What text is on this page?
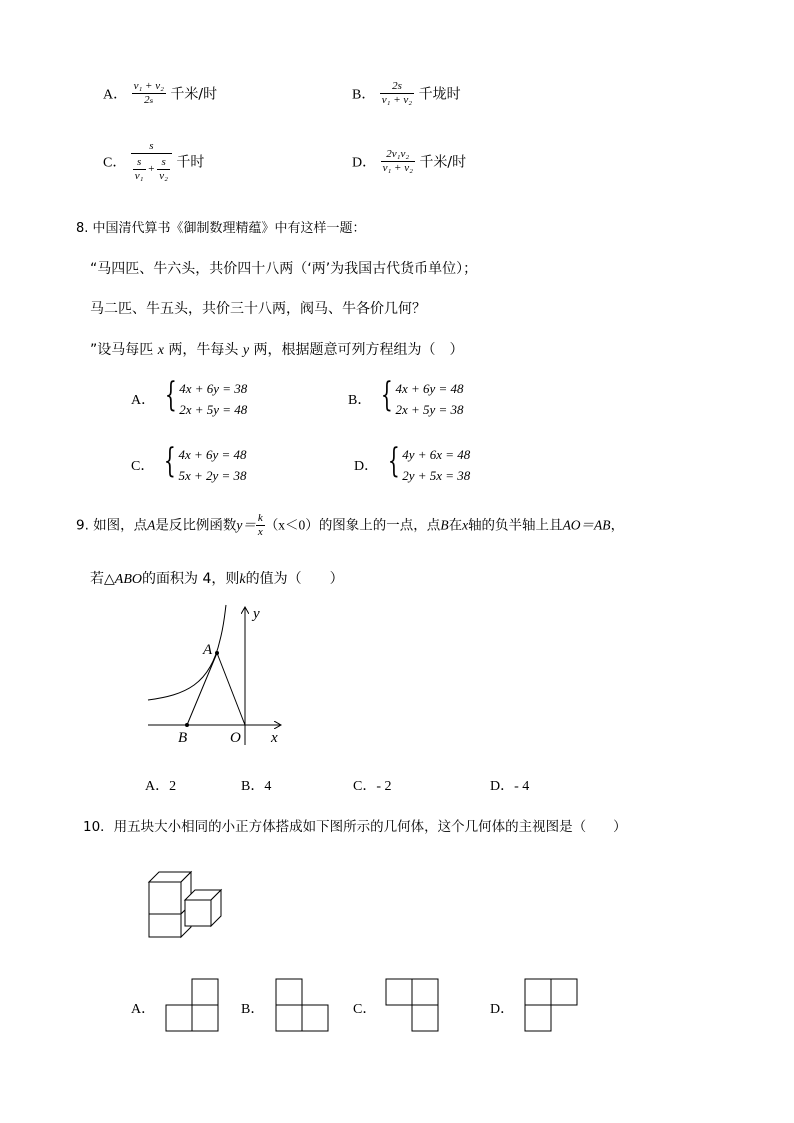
A． $\frac{\text{v₁ + v₂}}{\text{2ₛ}}$ 千米/时	B． $\frac{2s}{\text{v₁ + v₂}}$ 千垅时
C． $\frac{s}{\frac{s}{\text{v₁}} + \frac{s}{\text{v₂}}}$ 千时	D． $\frac{\text{2v₁v₂}}{\text{v₁ + v₂}}$ 千米/时
8. 中国清代算书《御制数理精蕴》中有这样一题：
“马四匹、牛六头，共价四十八两（‘两’为我国古代货币单位）；
马二匹、牛五头，共价三十八两，阀马、牛各价几何？
”设马每匹 x 两，牛每头 y 两，根据题意可列方程组为（　）
A． { 4x + 6y = 38
2x + 5y = 48
B． { 4x + 6y = 48
2x + 5y = 38
C． { 4x + 6y = 48
5x + 2y = 38
D． { 4y + 6x = 48
2y + 5x = 38
9. 如图，点A是反比例函数$y= \frac{k}{x} (x<0)$的图象上的一点，点B在x轴的负半轴上且AO＝AB，
若△ABO的面积为 4，则k的值为（　　）
y
x
A
B	O
A．2	B．4	C．- 2	D．- 4
10．用五块大小相同的小正方体搭成如下图所示的几何体，这个几何体的主视图是（　　）
A．	B．	C．	D．
